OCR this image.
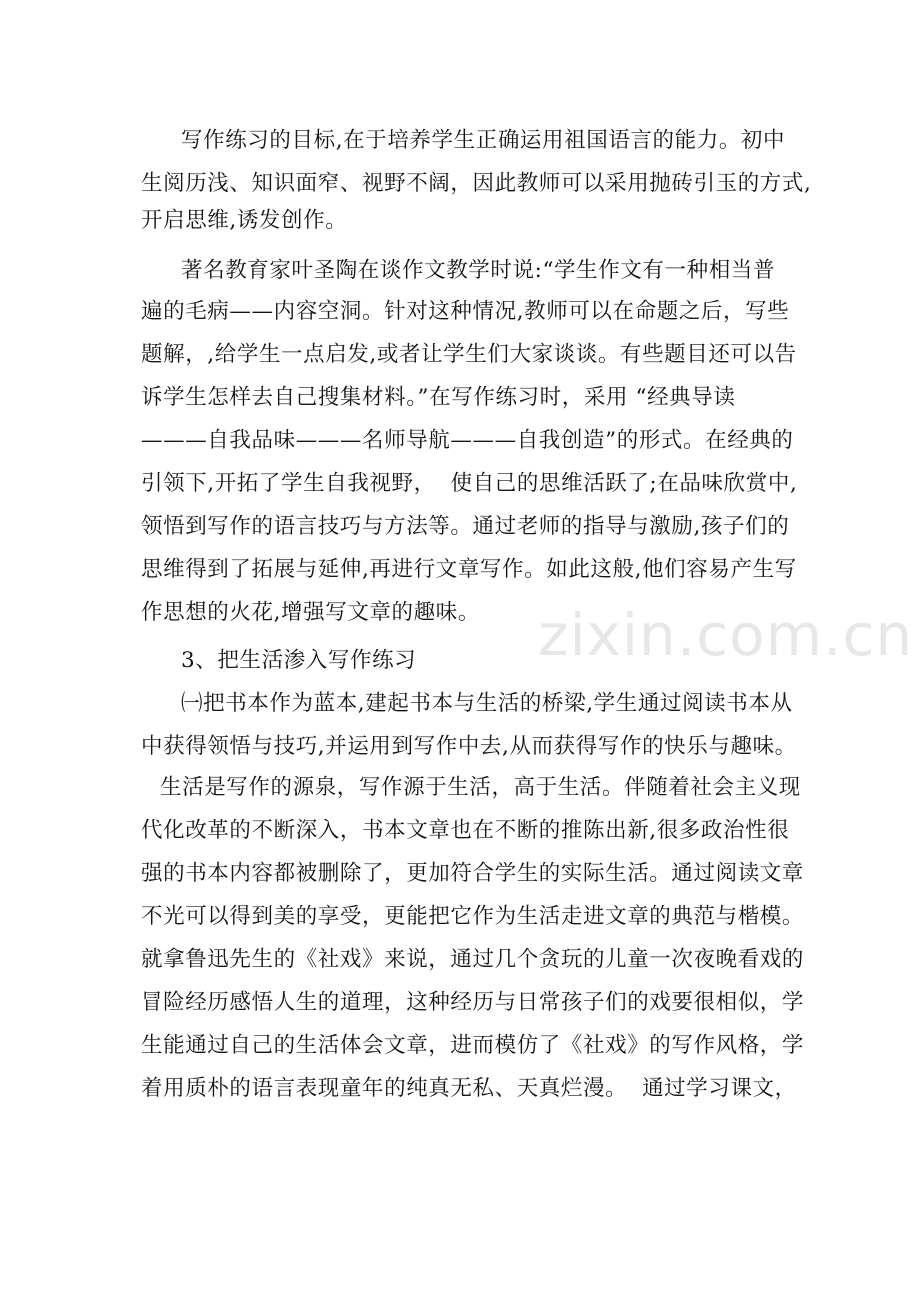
zixin.com.cn
写作练习的目标,在于培养学生正确运用祖国语言的能力。初中
生阅历浅、知识面窄、视野不阔，因此教师可以采用抛砖引玉的方式,
开启思维,诱发创作。
著名教育家叶圣陶在谈作文教学时说:“学生作文有一种相当普
遍的毛病——内容空洞。针对这种情况,教师可以在命题之后，写些
题解，,给学生一点启发,或者让学生们大家谈谈。有些题目还可以告
诉学生怎样去自己搜集材料。”在写作练习时，采用 “经典导读
———自我品味———名师导航———自我创造”的形式。在经典的
引领下,开拓了学生自我视野，  使自己的思维活跃了;在品味欣赏中,
领悟到写作的语言技巧与方法等。通过老师的指导与激励,孩子们的
思维得到了拓展与延伸,再进行文章写作。如此这般,他们容易产生写
作思想的火花,增强写文章的趣味。
3、把生活渗入写作练习
㈠把书本作为蓝本,建起书本与生活的桥梁,学生通过阅读书本从
中获得领悟与技巧,并运用到写作中去,从而获得写作的快乐与趣味。
生活是写作的源泉，写作源于生活，高于生活。伴随着社会主义现
代化改革的不断深入，书本文章也在不断的推陈出新,很多政治性很
强的书本内容都被删除了，更加符合学生的实际生活。通过阅读文章
不光可以得到美的享受，更能把它作为生活走进文章的典范与楷模。
就拿鲁迅先生的《社戏》来说，通过几个贪玩的儿童一次夜晚看戏的
冒险经历感悟人生的道理，这种经历与日常孩子们的戏要很相似，学
生能通过自己的生活体会文章，进而模仿了《社戏》的写作风格，学
着用质朴的语言表现童年的纯真无私、天真烂漫。  通过学习课文，
